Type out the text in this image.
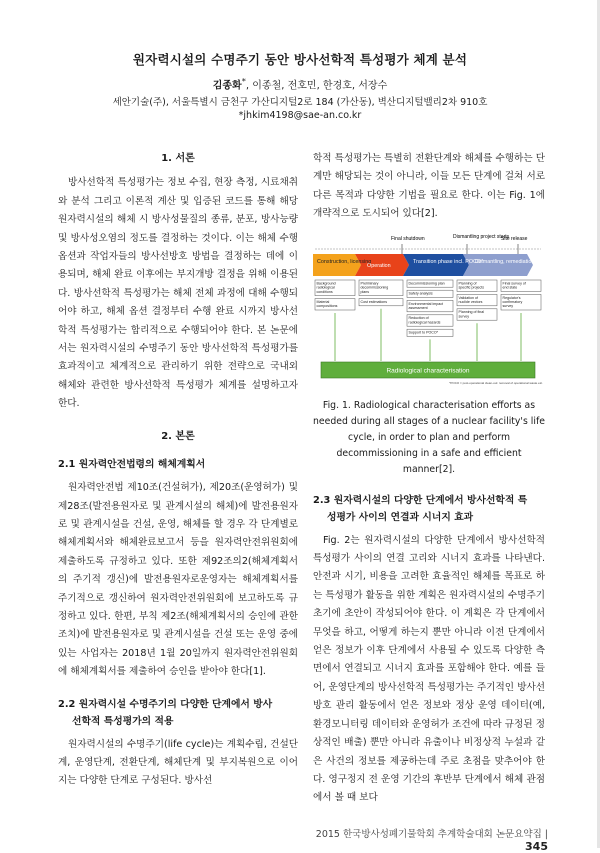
원자력시설의 수명주기 동안 방사선학적 특성평가 체계 분석
김종화*, 이종철, 전호민, 한경호, 서장수
세안기술(주), 서울특별시 금천구 가산디지털2로 184 (가산동), 벽산디지털밸리2차 910호
*jhkim4198@sae-an.co.kr
1. 서론

방사선학적 특성평가는 정보 수집, 현장 측정, 시료채취와 분석 그리고 이론적 계산 및 입증된 코드를 통해 해당 원자력시설의 해체 시 방사성물질의 종류, 분포, 방사능량 및 방사성오염의 정도를 결정하는 것이다. 이는 해체 수행 옵션과 작업자들의 방사선방호 방법을 결정하는 데에 이용되며, 해체 완료 이후에는 부지개방 결정을 위해 이용된다. 방사선학적 특성평가는 해체 전체 과정에 대해 수행되어야 하고, 해체 옵션 결정부터 수행 완료 시까지 방사선학적 특성평가는 합리적으로 수행되어야 한다. 본 논문에서는 원자력시설의 수명주기 동안 방사선학적 특성평가를 효과적이고 체계적으로 관리하기 위한 전략으로 국내외 해체와 관련한 방사선학적 특성평가 체계를 설명하고자 한다.

2. 본론
2.1 원자력안전법령의 해체계획서

원자력안전법 제10조(건설허가), 제20조(운영허가) 및 제28조(발전용원자로 및 관계시설의 해체)에 발전용원자로 및 관계시설을 건설, 운영, 해체를 할 경우 각 단계별로 해체계획서와 해체완료보고서 등을 원자력안전위원회에 제출하도록 규정하고 있다. 또한 제92조의2(해체계획서의 주기적 갱신)에 발전용원자로운영자는 해체계획서를 주기적으로 갱신하여 원자력안전위원회에 보고하도록 규정하고 있다. 한편, 부칙 제2조(해체계획서의 승인에 관한 조치)에 발전용원자로 및 관계시설을 건설 또는 운영 중에 있는 사업자는 2018년 1월 20일까지 원자력안전위원회에 해체계획서를 제출하여 승인을 받아야 한다[1].

2.2 원자력시설 수명주기의 다양한 단계에서 방사
선학적 특성평가의 적용

원자력시설의 수명주기(life cycle)는 계획수립, 건설단계, 운영단계, 전환단계, 해체단계 및 부지복원으로 이어지는 다양한 단계로 구성된다. 방사선

학적 특성평가는 특별히 전환단계와 해체를 수행하는 단계만 해당되는 것이 아니라, 이들 모든 단계에 걸쳐 서로 다른 목적과 다양한 기법을 필요로 한다. 이는 Fig. 1에 개략적으로 도시되어 있다[2].

Final shutdown	Dismantling project starts
Site release
Construction, licensing
Operation
Transition phase incl. POCO*
Dismantling, remediation
Background radiological conditions
Material compositions
Preliminary decommissioning plans
Cost estimations
Decommissioning plan
Safety analysis
Environmental impact assessment
Reduction of radiological hazards
Support to POCO*
Planning of specific projects
Validation of nuclide vectors
Planning of final survey
Final survey of end state
Regulator's confirmatory survey
Radiological characterisation
*POCO = post-operational clean-out: removal of operational waste etc.
Fig. 1. Radiological characterisation efforts as needed during all stages of a nuclear facility's life cycle, in order to plan and perform decommissioning in a safe and efficient manner[2].
2.3 원자력시설의 다양한 단계에서 방사선학적 특
성평가 사이의 연결과 시너지 효과

Fig. 2는 원자력시설의 다양한 단계에서 방사선학적 특성평가 사이의 연결 고리와 시너지 효과를 나타낸다. 안전과 시기, 비용을 고려한 효율적인 해체를 목표로 하는 특성평가 활동을 위한 계획은 원자력시설의 수명주기 초기에 초안이 작성되어야 한다. 이 계획은 각 단계에서 무엇을 하고, 어떻게 하는지 뿐만 아니라 이전 단계에서 얻은 정보가 이후 단계에서 사용될 수 있도록 다양한 측면에서 연결되고 시너지 효과를 포함해야 한다. 예를 들어, 운영단계의 방사선학적 특성평가는 주기적인 방사선방호 관리 활동에서 얻은 정보와 정상 운영 데이터(예, 환경모니터링 데이터와 운영허가 조건에 따라 규정된 정상적인 배출) 뿐만 아니라 유출이나 비정상적 누설과 같은 사건의 정보를 제공하는데 주로 초점을 맞추어야 한다. 영구정지 전 운영 기간의 후반부 단계에서 해체 관점에서 볼 때 보다

2015 한국방사성폐기물학회 추계학술대회 논문요약집 | 345
